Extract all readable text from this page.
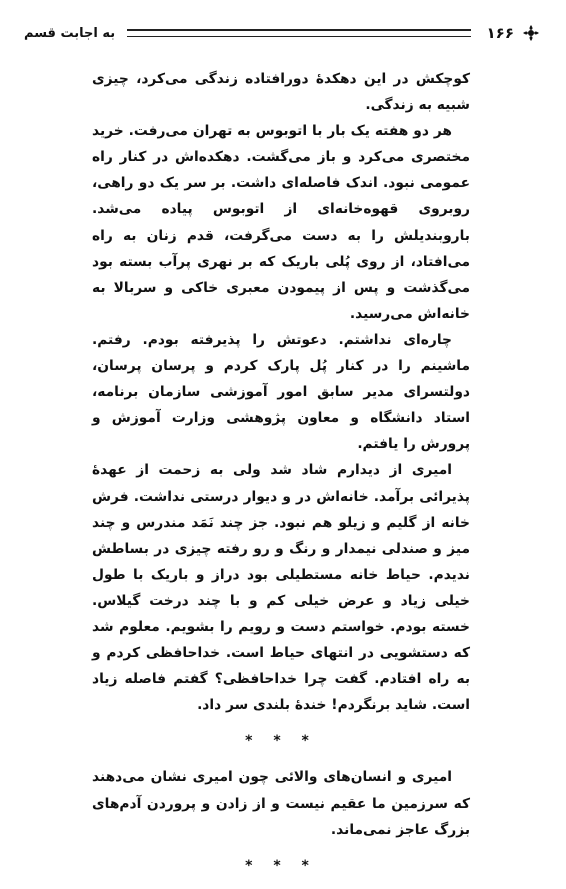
۱۶۶
به اجابت قسم

کوچکش در این دهکدهٔ دورافتاده زندگی می‌کرد، چیزی شبیه به زندگی.

هر دو هفته یک بار با اتوبوس به تهران می‌رفت. خرید مختصری می‌کرد و باز می‌گشت. دهکده‌اش در کنار راه عمومی نبود. اندک فاصله‌ای داشت. بر سر یک دو راهی، روبروی قهوه‌خانه‌ای از اتوبوس پیاده می‌شد. باروبندیلش را به دست می‌گرفت، قدم زنان به راه می‌افتاد، از روی پُلی باریک که بر نهری پرآب بسته بود می‌گذشت و پس از پیمودن معبری خاکی و سربالا به خانه‌اش می‌رسید.

چاره‌ای نداشتم. دعوتش را پذیرفته بودم. رفتم. ماشینم را در کنار پُل پارک کردم و پرسان پرسان، دولتسرای مدیر سابق امور آموزشی سازمان برنامه، استاد دانشگاه و معاون پژوهشی وزارت آموزش و پرورش را یافتم.

امیری از دیدارم شاد شد ولی به زحمت از عهدهٔ پذیرائی برآمد. خانه‌اش در و دیوار درستی نداشت. فرش خانه از گلیم و زیلو هم نبود. جز چند نَمَد مندرس و چند میز و صندلی نیمدار و رنگ و رو رفته چیزی در بساطش ندیدم. حیاط خانه مستطیلی بود دراز و باریک با طول خیلی زیاد و عرض خیلی کم و با چند درخت گیلاس. خسته بودم. خواستم دست و رویم را بشویم. معلوم شد که دستشویی در انتهای حیاط است. خداحافظی کردم و به راه افتادم. گفت چرا خداحافظی؟ گفتم فاصله زیاد است. شاید برنگردم! خندهٔ بلندی سر داد.

* * *

امیری و انسان‌های والائی چون امیری نشان می‌دهند که سرزمین ما عقیم نیست و از زادن و پروردن آدم‌های بزرگ عاجز نمی‌ماند.

* * *
